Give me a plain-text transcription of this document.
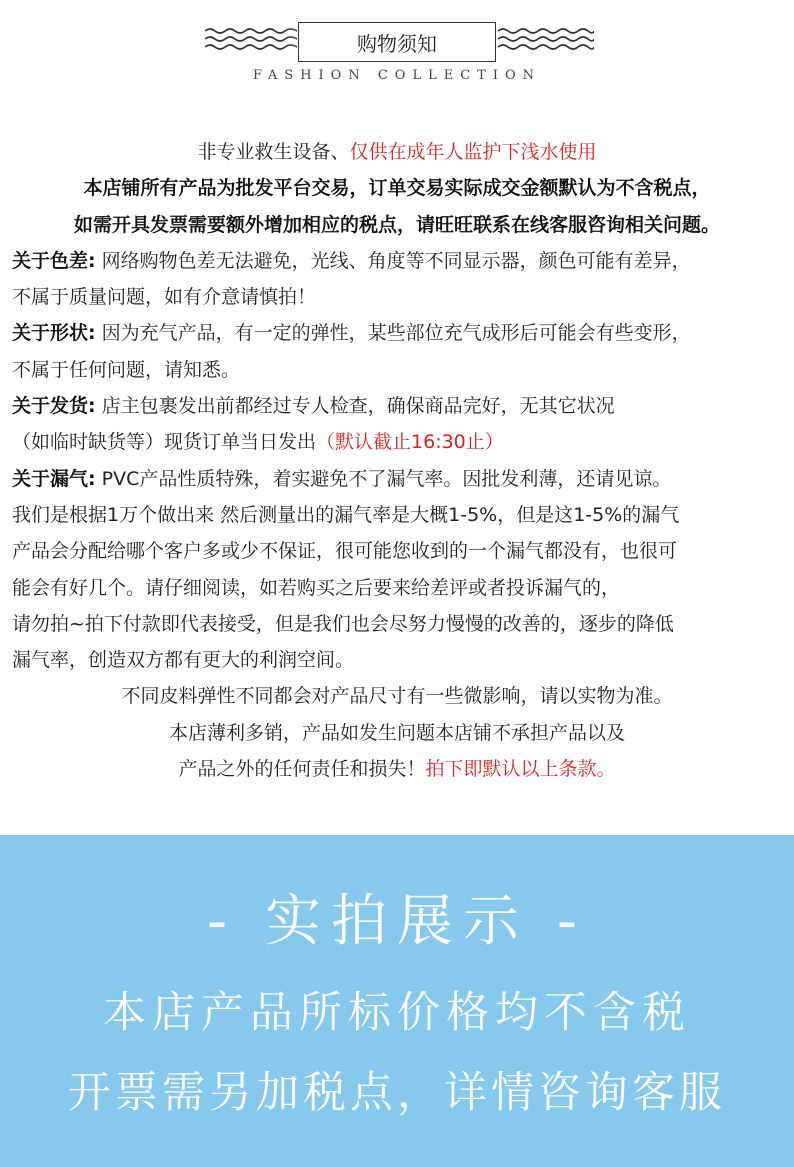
购物须知
FASHION COLLECTION
非专业救生设备、仅供在成年人监护下浅水使用
本店铺所有产品为批发平台交易，订单交易实际成交金额默认为不含税点，
如需开具发票需要额外增加相应的税点，请旺旺联系在线客服咨询相关问题。
关于色差: 网络购物色差无法避免，光线、角度等不同显示器，颜色可能有差异，
不属于质量问题，如有介意请慎拍！
关于形状: 因为充气产品，有一定的弹性，某些部位充气成形后可能会有些变形，
不属于任何问题，请知悉。
关于发货: 店主包裹发出前都经过专人检查，确保商品完好，无其它状况
（如临时缺货等）现货订单当日发出（默认截止16:30止）
关于漏气: PVC产品性质特殊，着实避免不了漏气率。因批发利薄，还请见谅。
我们是根据1万个做出来 然后测量出的漏气率是大概1-5%，但是这1-5%的漏气
产品会分配给哪个客户多或少不保证，很可能您收到的一个漏气都没有，也很可
能会有好几个。请仔细阅读，如若购买之后要来给差评或者投诉漏气的，
请勿拍~拍下付款即代表接受，但是我们也会尽努力慢慢的改善的，逐步的降低
漏气率，创造双方都有更大的利润空间。
不同皮料弹性不同都会对产品尺寸有一些微影响，请以实物为准。
本店薄利多销，产品如发生问题本店铺不承担产品以及
产品之外的任何责任和损失！拍下即默认以上条款。
- 实拍展示 -
本店产品所标价格均不含税
开票需另加税点，详情咨询客服
